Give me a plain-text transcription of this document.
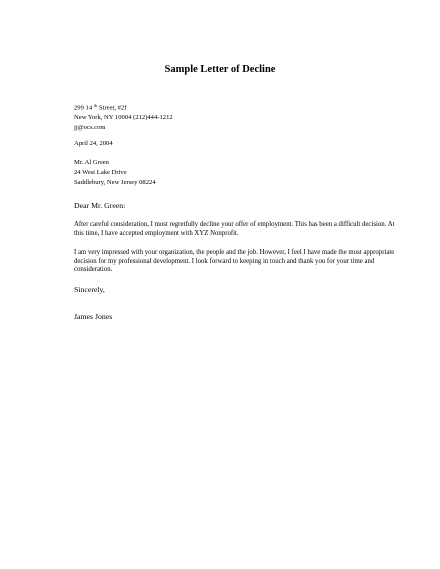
Sample Letter of Decline
299 14 $^{th}$ Street, #2f
New York, NY 10004 (212)444-1212
jj@ocs.com
April 24, 2004
Mr. Al Green
24 West Lake Drive
Saddlebury, New Jersey 08224
Dear Mr. Green:
After careful consideration, I most regretfully decline your offer of employment. This has been a difficult decision. At this time, I have accepted employment with XYZ Nonprofit.
I am very impressed with your organization, the people and the job. However, I feel I have made the most appropriate decision for my professional development. I look forward to keeping in touch and thank you for your time and consideration.
Sincerely,
James Jones
